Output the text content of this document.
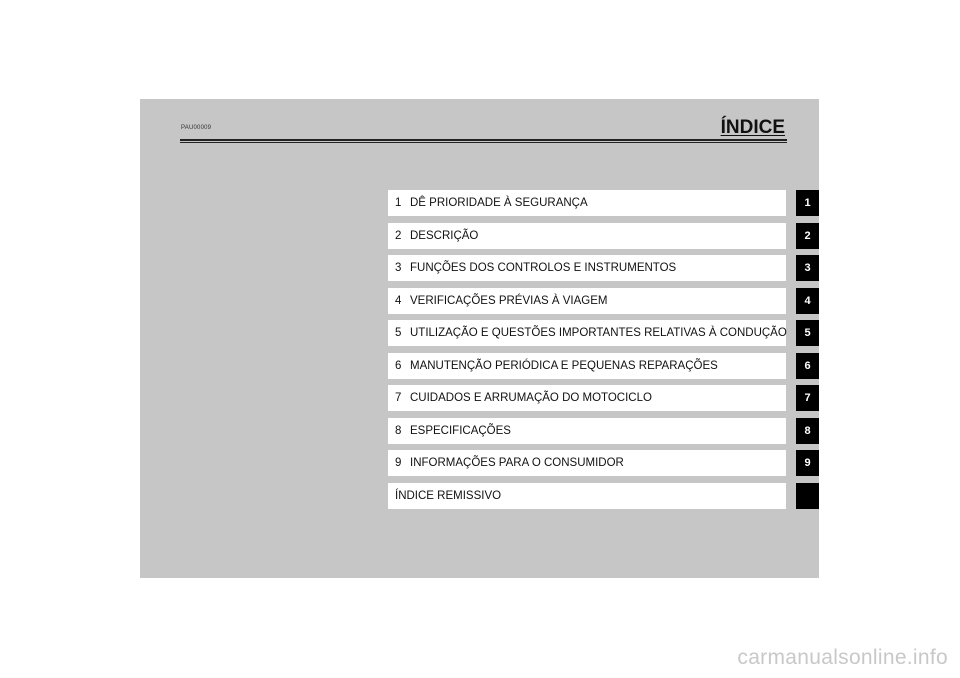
PAU00009	ÍNDICE
1 DÊ PRIORIDADE À SEGURANÇA	1
2 DESCRIÇÃO	2
3 FUNÇÕES DOS CONTROLOS E INSTRUMENTOS	3
4 VERIFICAÇÕES PRÉVIAS À VIAGEM	4
5 UTILIZAÇÃO E QUESTÕES IMPORTANTES RELATIVAS À CONDUÇÃO	5
6 MANUTENÇÃO PERIÓDICA E PEQUENAS REPARAÇÕES	6
7 CUIDADOS E ARRUMAÇÃO DO MOTOCICLO	7
8 ESPECIFICAÇÕES	8
9 INFORMAÇÕES PARA O CONSUMIDOR	9
ÍNDICE REMISSIVO
carmanualsonline.info
